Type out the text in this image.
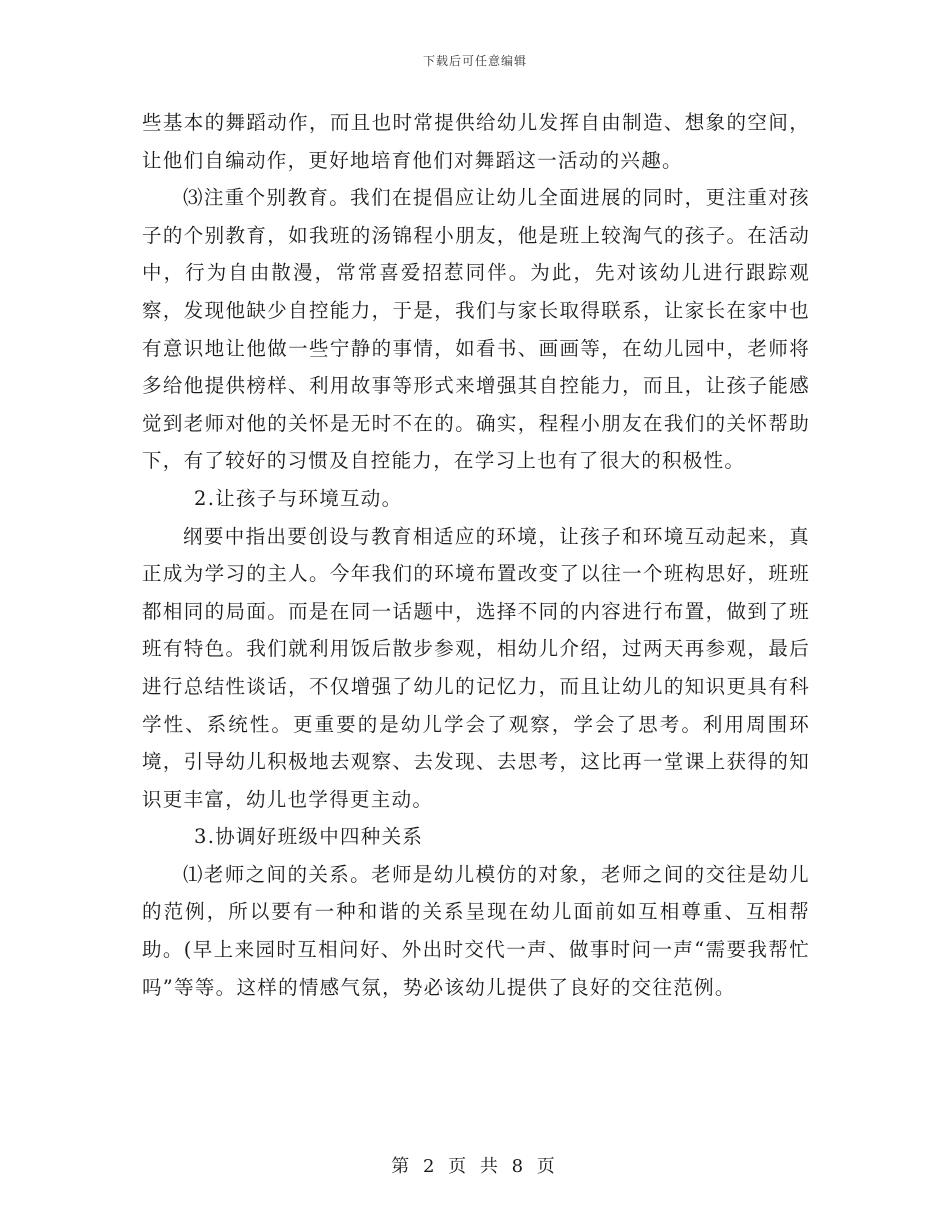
下载后可任意编辑

些基本的舞蹈动作，而且也时常提供给幼儿发挥自由制造、想象的空间，让他们自编动作，更好地培育他们对舞蹈这一活动的兴趣。

⑶注重个别教育。我们在提倡应让幼儿全面进展的同时，更注重对孩子的个别教育，如我班的汤锦程小朋友，他是班上较淘气的孩子。在活动中，行为自由散漫，常常喜爱招惹同伴。为此，先对该幼儿进行跟踪观察，发现他缺少自控能力，于是，我们与家长取得联系，让家长在家中也有意识地让他做一些宁静的事情，如看书、画画等，在幼儿园中，老师将多给他提供榜样、利用故事等形式来增强其自控能力，而且，让孩子能感觉到老师对他的关怀是无时不在的。确实，程程小朋友在我们的关怀帮助下，有了较好的习惯及自控能力，在学习上也有了很大的积极性。

2.让孩子与环境互动。

纲要中指出要创设与教育相适应的环境，让孩子和环境互动起来，真正成为学习的主人。今年我们的环境布置改变了以往一个班构思好，班班都相同的局面。而是在同一话题中，选择不同的内容进行布置，做到了班班有特色。我们就利用饭后散步参观，相幼儿介绍，过两天再参观，最后进行总结性谈话，不仅增强了幼儿的记忆力，而且让幼儿的知识更具有科学性、系统性。更重要的是幼儿学会了观察，学会了思考。利用周围环境，引导幼儿积极地去观察、去发现、去思考，这比再一堂课上获得的知识更丰富，幼儿也学得更主动。

3.协调好班级中四种关系

⑴老师之间的关系。老师是幼儿模仿的对象，老师之间的交往是幼儿的范例，所以要有一种和谐的关系呈现在幼儿面前如互相尊重、互相帮助。(早上来园时互相问好、外出时交代一声、做事时问一声“需要我帮忙吗”等等。这样的情感气氛，势必该幼儿提供了良好的交往范例。

第 2 页 共 8 页
